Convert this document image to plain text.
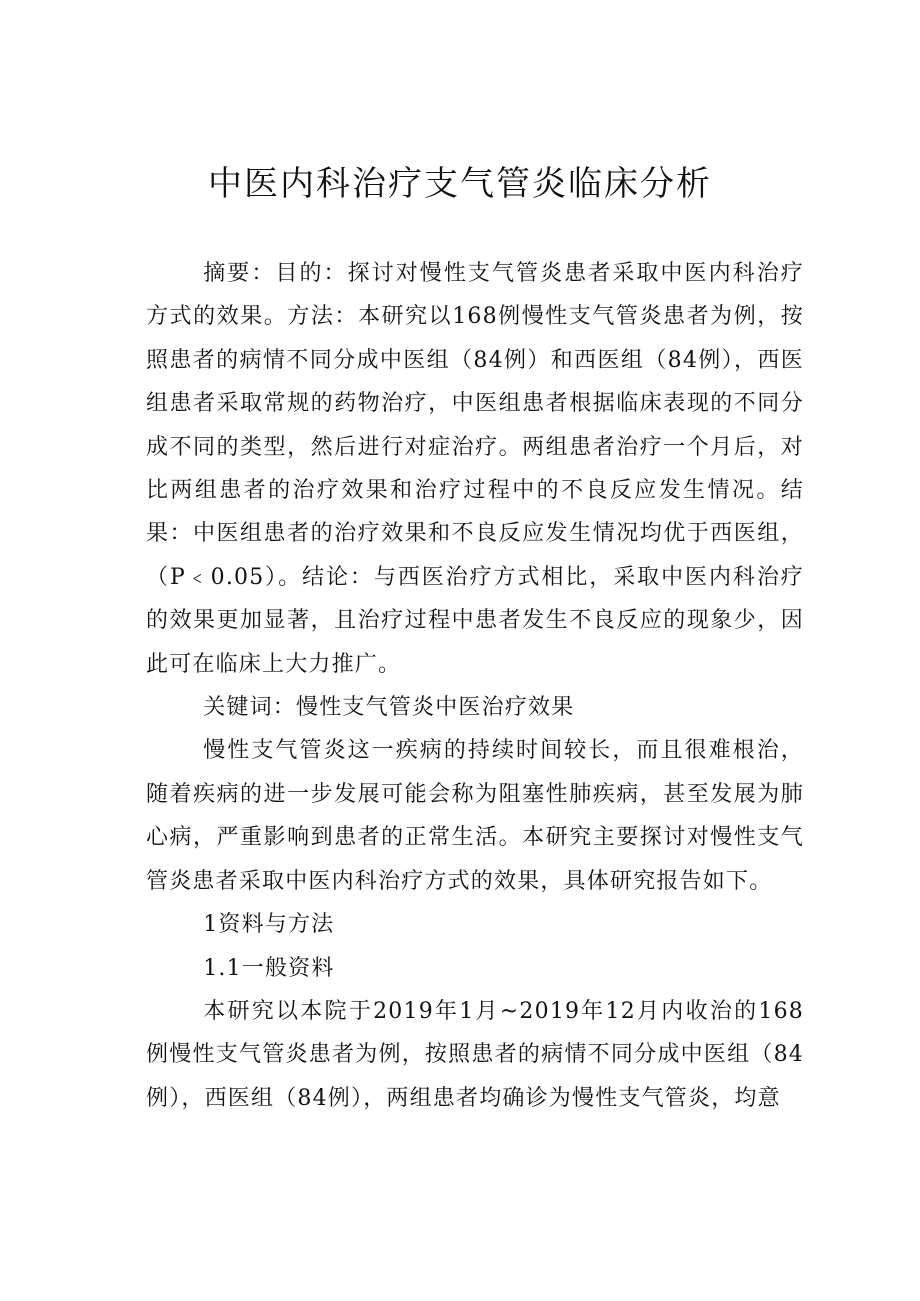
中医内科治疗支气管炎临床分析

摘要：目的：探讨对慢性支气管炎患者采取中医内科治疗方式的效果。方法：本研究以168例慢性支气管炎患者为例，按照患者的病情不同分成中医组（84例）和西医组（84例），西医组患者采取常规的药物治疗，中医组患者根据临床表现的不同分成不同的类型，然后进行对症治疗。两组患者治疗一个月后，对比两组患者的治疗效果和治疗过程中的不良反应发生情况。结果：中医组患者的治疗效果和不良反应发生情况均优于西医组，（P﹤0.05）。结论：与西医治疗方式相比，采取中医内科治疗的效果更加显著，且治疗过程中患者发生不良反应的现象少，因此可在临床上大力推广。

关键词：慢性支气管炎中医治疗效果

慢性支气管炎这一疾病的持续时间较长，而且很难根治，随着疾病的进一步发展可能会称为阻塞性肺疾病，甚至发展为肺心病，严重影响到患者的正常生活。本研究主要探讨对慢性支气管炎患者采取中医内科治疗方式的效果，具体研究报告如下。

1资料与方法

1.1一般资料

本研究以本院于2019年1月~2019年12月内收治的168例慢性支气管炎患者为例，按照患者的病情不同分成中医组（84例），西医组（84例），两组患者均确诊为慢性支气管炎，均意
